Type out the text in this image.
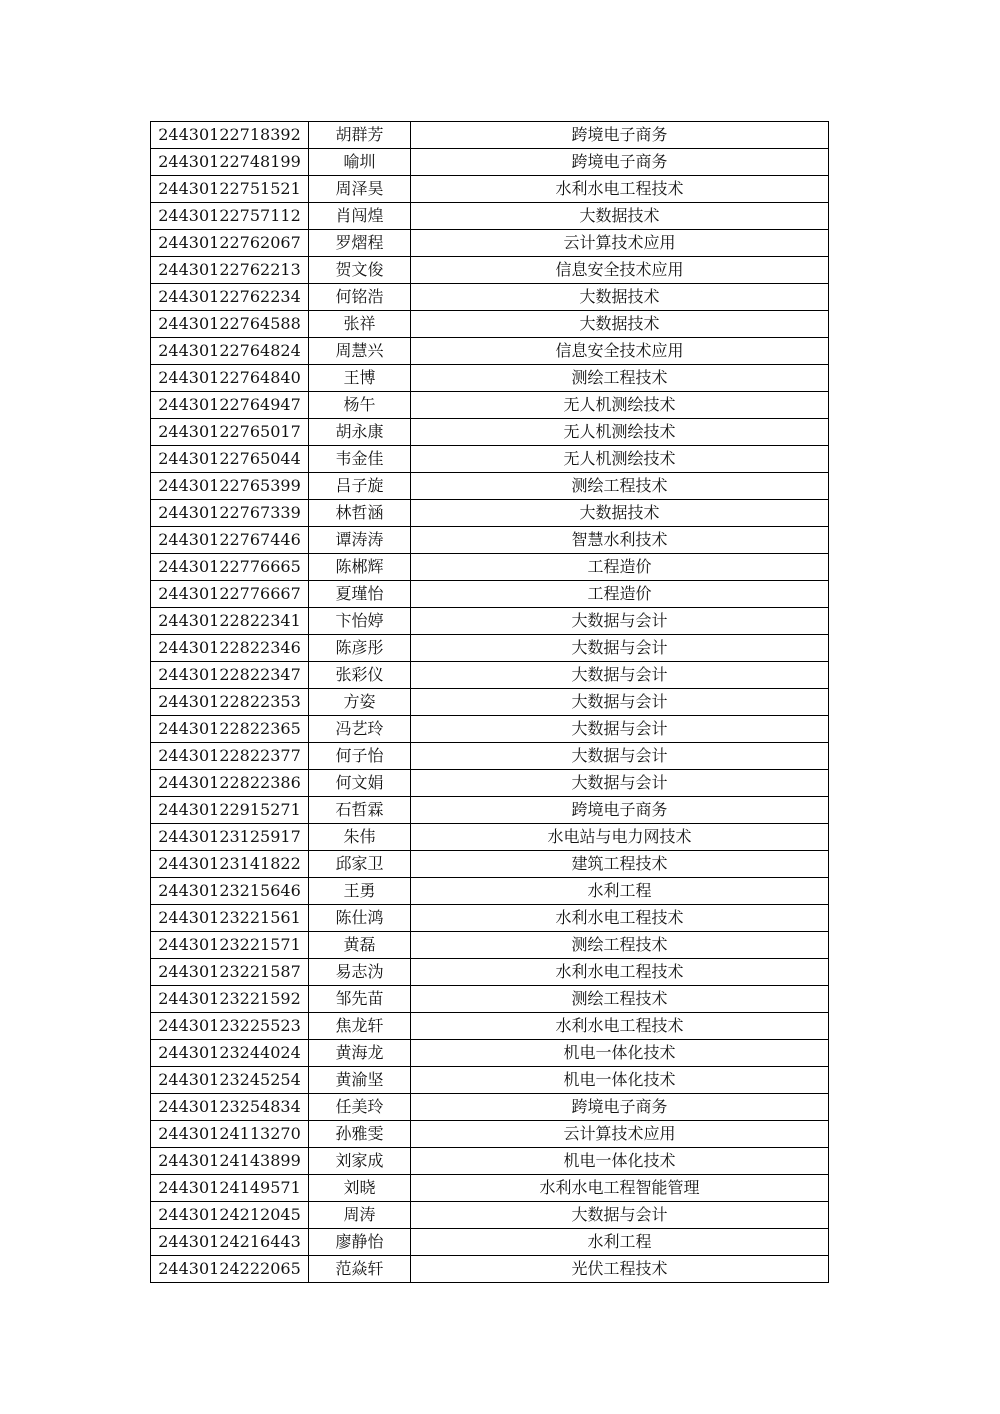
24430122718392	胡群芳	跨境电子商务
24430122748199	喻圳	跨境电子商务
24430122751521	周泽昊	水利水电工程技术
24430122757112	肖闯煌	大数据技术
24430122762067	罗熠程	云计算技术应用
24430122762213	贺文俊	信息安全技术应用
24430122762234	何铭浩	大数据技术
24430122764588	张祥	大数据技术
24430122764824	周慧兴	信息安全技术应用
24430122764840	王博	测绘工程技术
24430122764947	杨午	无人机测绘技术
24430122765017	胡永康	无人机测绘技术
24430122765044	韦金佳	无人机测绘技术
24430122765399	吕子旋	测绘工程技术
24430122767339	林哲涵	大数据技术
24430122767446	谭涛涛	智慧水利技术
24430122776665	陈郴辉	工程造价
24430122776667	夏瑾怡	工程造价
24430122822341	卞怡婷	大数据与会计
24430122822346	陈彦彤	大数据与会计
24430122822347	张彩仪	大数据与会计
24430122822353	方姿	大数据与会计
24430122822365	冯艺玲	大数据与会计
24430122822377	何子怡	大数据与会计
24430122822386	何文娟	大数据与会计
24430122915271	石哲霖	跨境电子商务
24430123125917	朱伟	水电站与电力网技术
24430123141822	邱家卫	建筑工程技术
24430123215646	王勇	水利工程
24430123221561	陈仕鸿	水利水电工程技术
24430123221571	黄磊	测绘工程技术
24430123221587	易志沩	水利水电工程技术
24430123221592	邹先苗	测绘工程技术
24430123225523	焦龙轩	水利水电工程技术
24430123244024	黄海龙	机电一体化技术
24430123245254	黄渝坚	机电一体化技术
24430123254834	任美玲	跨境电子商务
24430124113270	孙雅雯	云计算技术应用
24430124143899	刘家成	机电一体化技术
24430124149571	刘晓	水利水电工程智能管理
24430124212045	周涛	大数据与会计
24430124216443	廖静怡	水利工程
24430124222065	范焱轩	光伏工程技术
